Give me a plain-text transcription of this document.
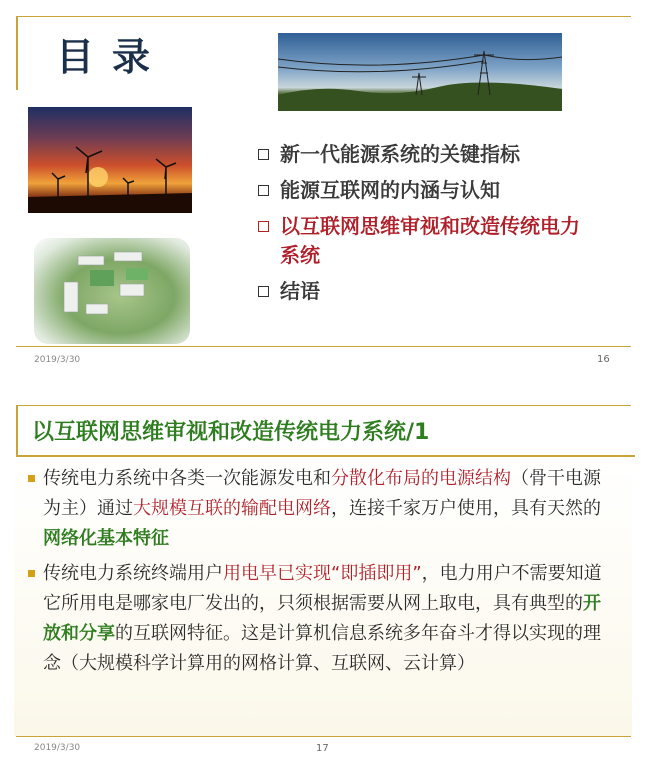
目录
新一代能源系统的关键指标
能源互联网的内涵与认知
以互联网思维审视和改造传统电力系统
结语
2019/3/30	16
以互联网思维审视和改造传统电力系统/1
传统电力系统中各类一次能源发电和分散化布局的电源结构（骨干电源为主）通过大规模互联的输配电网络，连接千家万户使用，具有天然的网络化基本特征
传统电力系统终端用户用电早已实现“即插即用”，电力用户不需要知道它所用电是哪家电厂发出的，只须根据需要从网上取电，具有典型的开放和分享的互联网特征。这是计算机信息系统多年奋斗才得以实现的理念（大规模科学计算用的网格计算、互联网、云计算）
2019/3/30	17
